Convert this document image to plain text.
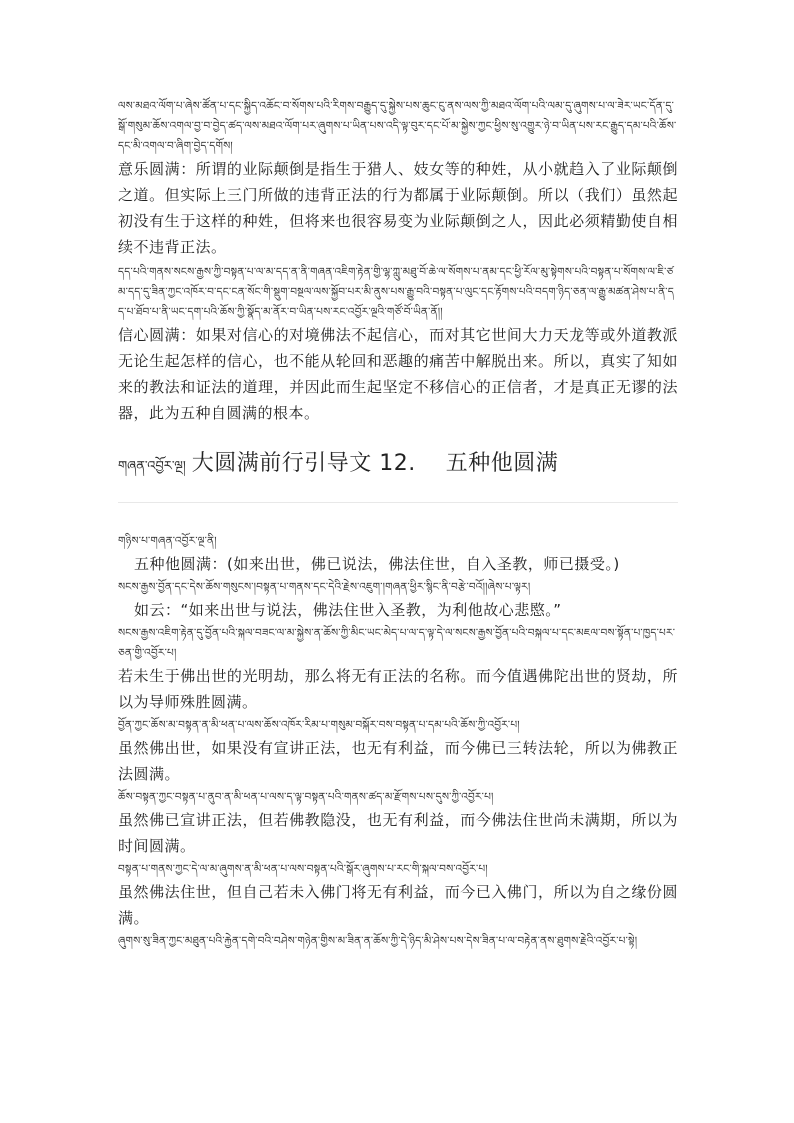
ལས་མཐའ་ལོག་པ་ཞེས་ཚོན་པ་དང་སྐྱིད་འཆོང་བ་སོགས་པའི་རིགས་བརྒྱུད་དུ་སྐྱེས་པས་ཆུང་ངུ་ནས་ལས་ཀྱི་མཐའ་ལོག་པའི་ལམ་དུ་ཞུགས་པ་ལ་ཟེར་ཡང་དོན་དུ་སྒོ་གསུམ་ཆོས་འགལ་བྱ་བ་བྱེད་ཚད་ལས་མཐའ་ལོག་པར་ཞུགས་པ་ཡིན་པས་འདི་ལྟ་བུར་དང་པོ་མ་སྐྱེས་ཀྱང་ཕྱིས་སུ་འགྱུར་ཉེ་བ་ཡིན་པས་རང་རྒྱུད་དམ་པའི་ཆོས་དང་མི་འགལ་བ་ཞིག་བྱེད་དགོས།

意乐圆满：所谓的业际颠倒是指生于猎人、妓女等的种姓，从小就趋入了业际颠倒之道。但实际上三门所做的违背正法的行为都属于业际颠倒。所以（我们）虽然起初没有生于这样的种姓，但将来也很容易变为业际颠倒之人，因此必须精勤使自相续不违背正法。

དད་པའི་གནས་སངས་རྒྱས་ཀྱི་བསྟན་པ་ལ་མ་དད་ན་ནི་གཞན་འཇིག་རྟེན་གྱི་ལྷ་ཀླུ་མཐུ་བོ་ཆེ་ལ་སོགས་པ་ནམ་དང་ཕྱི་རོལ་མུ་སྟེགས་པའི་བསྟན་པ་སོགས་ལ་ཇི་ཙམ་དད་དུ་ཟིན་ཀྱང་འཁོར་བ་དང་ངན་སོང་གི་སྡུག་བསྔལ་ལས་སྐྱོབ་པར་མི་ནུས་པས་རྒྱུ་བའི་བསྟན་པ་ལུང་དང་རྟོགས་པའི་བདག་ཉིད་ཅན་ལ་རྒྱུ་མཚན་ཤེས་པ་ནི་དད་པ་ཐོབ་པ་ནི་ཡང་དག་པའི་ཆོས་ཀྱི་སྣོད་མ་ནོར་བ་ཡིན་པས་རང་འབྱོར་ལྔའི་གཙོ་བོ་ཡིན་ནོ།།

信心圆满：如果对信心的对境佛法不起信心，而对其它世间大力天龙等或外道教派无论生起怎样的信心，也不能从轮回和恶趣的痛苦中解脱出来。所以，真实了知如来的教法和证法的道理，并因此而生起坚定不移信心的正信者，才是真正无谬的法器，此为五种自圆满的根本。

གཞན་འབྱོར་ལྔ། 大圆满前行引导文 12.　 五种他圆满

གཉིས་པ་གཞན་འབྱོར་ལྔ་ནི།

五种他圆满：(如来出世，佛已说法，佛法住世，自入圣教，师已摄受。)

སངས་རྒྱས་བྱོན་དང་དེས་ཆོས་གསུངས་།བསྟན་པ་གནས་དང་དེའི་རྗེས་འཇུག་།གཞན་ཕྱིར་སྙིང་ནི་བརྩེ་བའོ།།ཞེས་པ་ལྟར།

如云：“如来出世与说法，佛法住世入圣教，为利他故心悲愍。”

སངས་རྒྱས་འཇིག་རྟེན་དུ་བྱོན་པའི་སྐལ་བཟང་ལ་མ་སྐྱེས་ན་ཆོས་ཀྱི་མིང་ཡང་མེད་པ་ལ་ད་ལྟ་དེ་ལ་སངས་རྒྱས་བྱོན་པའི་བསྐལ་པ་དང་མཇལ་བས་སྟོན་པ་ཁྱད་པར་ཅན་གྱི་འབྱོར་པ།

若未生于佛出世的光明劫，那么将无有正法的名称。而今值遇佛陀出世的贤劫，所以为导师殊胜圆满。

བྱོན་ཀྱང་ཆོས་མ་བསྟན་ན་མི་ཕན་པ་ལས་ཆོས་འཁོར་རིམ་པ་གསུམ་བསྐོར་བས་བསྟན་པ་དམ་པའི་ཆོས་ཀྱི་འབྱོར་པ།

虽然佛出世，如果没有宣讲正法，也无有利益，而今佛已三转法轮，所以为佛教正法圆满。

ཆོས་བསྟན་ཀྱང་བསྟན་པ་ནུབ་ན་མི་ཕན་པ་ལས་ད་ལྟ་བསྟན་པའི་གནས་ཚད་མ་རྫོགས་པས་དུས་ཀྱི་འབྱོར་པ།

虽然佛已宣讲正法，但若佛教隐没，也无有利益，而今佛法住世尚未满期，所以为时间圆满。

བསྟན་པ་གནས་ཀྱང་དེ་ལ་མ་ཞུགས་ན་མི་ཕན་པ་ལས་བསྟན་པའི་སྒོར་ཞུགས་པ་རང་གི་སྐལ་བས་འབྱོར་པ།

虽然佛法住世，但自己若未入佛门将无有利益，而今已入佛门，所以为自之缘份圆满。

ཞུགས་སུ་ཟིན་ཀྱང་མཐུན་པའི་རྐྱེན་དགེ་བའི་བཤེས་གཉེན་གྱིས་མ་ཟིན་ན་ཆོས་ཀྱི་དེ་ཉིད་མི་ཤེས་པས་དེས་ཟིན་པ་ལ་བརྟེན་ནས་ཐུགས་རྗེའི་འབྱོར་པ་སྟེ།
